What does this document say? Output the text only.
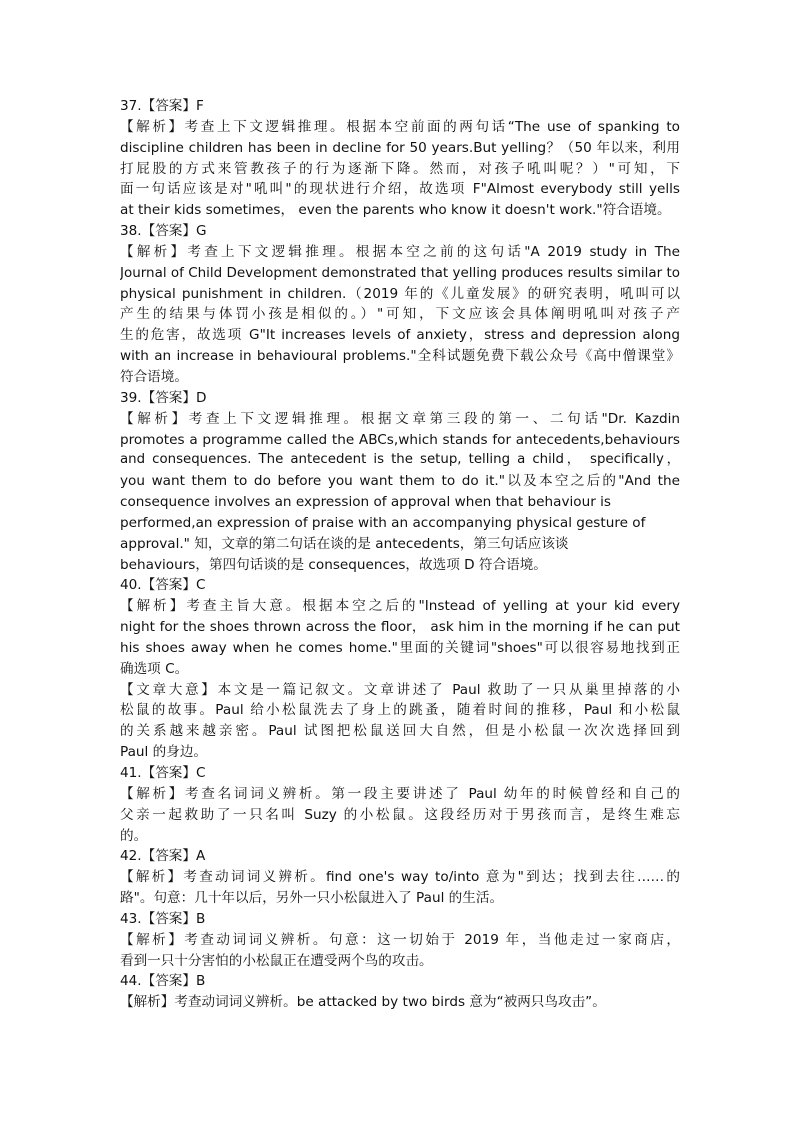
37.【答案】F
【解析】考查上下文逻辑推理。根据本空前面的两句话“The use of spanking to
discipline children has been in decline for 50 years.But yelling？（50 年以来，利用
打屁股的方式来管教孩子的行为逐渐下降。然而，对孩子吼叫呢？）"可知，下
面一句话应该是对"吼叫"的现状进行介绍，故选项 F"Almost everybody still yells
at their kids sometimes， even the parents who know it doesn't work."符合语境。
38.【答案】G
【解析】考查上下文逻辑推理。根据本空之前的这句话"A 2019 study in The
Journal of Child Development demonstrated that yelling produces results similar to
physical punishment in children.（2019 年的《儿童发展》的研究表明，吼叫可以
产生的结果与体罚小孩是相似的。）"可知，下文应该会具体阐明吼叫对孩子产
生的危害，故选项 G"It increases levels of anxiety，stress and depression along
with an increase in behavioural problems."全科试题免费下载公众号《高中僧课堂》
符合语境。
39.【答案】D
【解析】考查上下文逻辑推理。根据文章第三段的第一、二句话"Dr. Kazdin
promotes a programme called the ABCs,which stands for antecedents,behaviours
and consequences. The antecedent is the setup, telling a child， specifically，
you want them to do before you want them to do it."以及本空之后的"And the
consequence involves an expression of approval when that behaviour is
performed,an expression of praise with an accompanying physical gesture of
approval." 知，文章的第二句话在谈的是 antecedents，第三句话应该谈
behaviours，第四句话谈的是 consequences，故选项 D 符合语境。
40.【答案】C
【解析】考查主旨大意。根据本空之后的"Instead of yelling at your kid every
night for the shoes thrown across the floor， ask him in the morning if he can put
his shoes away when he comes home."里面的关键词"shoes"可以很容易地找到正
确选项 C。
【文章大意】本文是一篇记叙文。文章讲述了 Paul 救助了一只从巢里掉落的小
松鼠的故事。Paul 给小松鼠洗去了身上的跳蚤，随着时间的推移，Paul 和小松鼠
的关系越来越亲密。Paul 试图把松鼠送回大自然，但是小松鼠一次次选择回到
Paul 的身边。
41.【答案】C
【解析】考查名词词义辨析。第一段主要讲述了 Paul 幼年的时候曾经和自己的
父亲一起救助了一只名叫 Suzy 的小松鼠。这段经历对于男孩而言，是终生难忘
的。
42.【答案】A
【解析】考查动词词义辨析。find one's way to/into 意为"到达；找到去往……的
路"。句意：几十年以后，另外一只小松鼠进入了 Paul 的生活。
43.【答案】B
【解析】考查动词词义辨析。句意：这一切始于 2019 年，当他走过一家商店，
看到一只十分害怕的小松鼠正在遭受两个鸟的攻击。
44.【答案】B
【解析】考查动词词义辨析。be attacked by two birds 意为“被两只鸟攻击”。
